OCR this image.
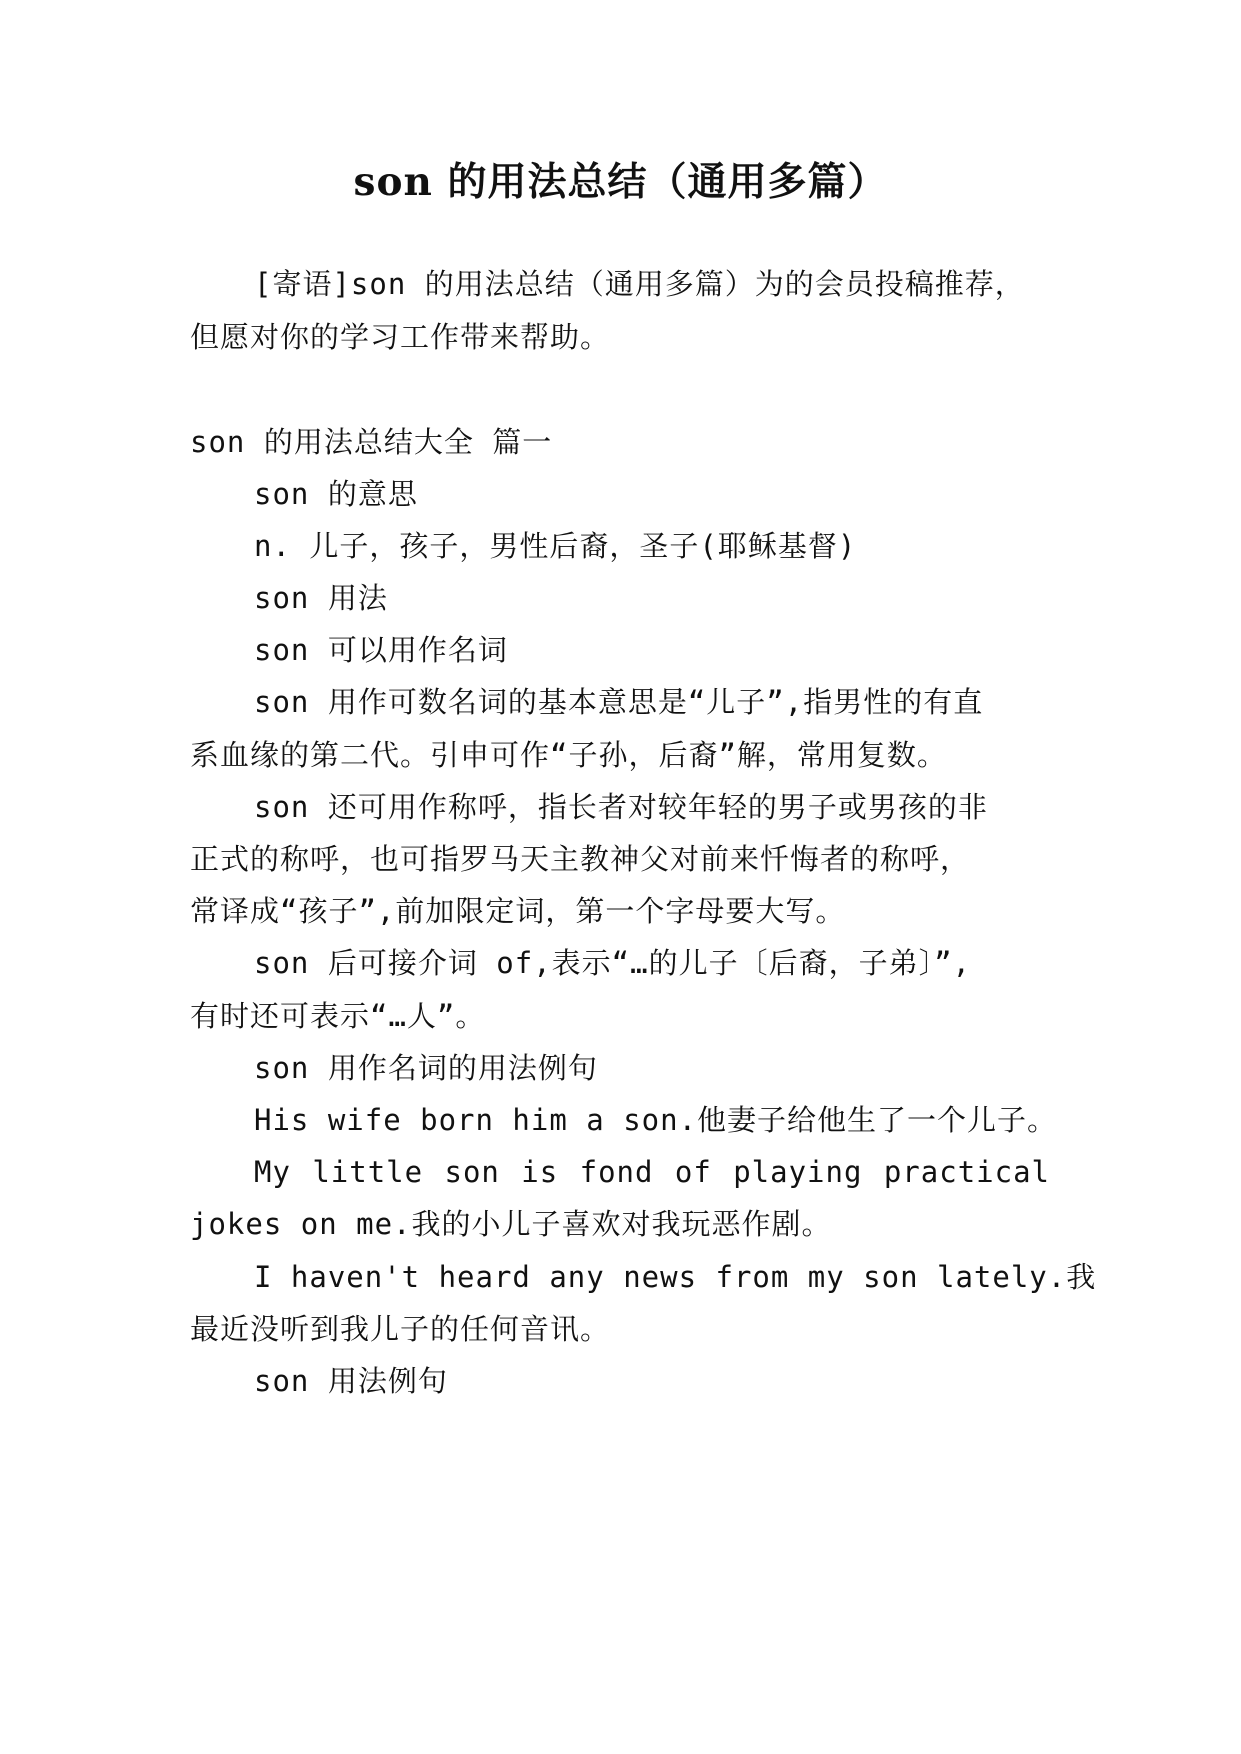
son 的用法总结（通用多篇）
[寄语]son 的用法总结（通用多篇）为的会员投稿推荐，
但愿对你的学习工作带来帮助。
son 的用法总结大全 篇一
son 的意思
n. 儿子，孩子，男性后裔，圣子(耶稣基督)
son 用法
son 可以用作名词
son 用作可数名词的基本意思是“儿子”,指男性的有直
系血缘的第二代。引申可作“子孙，后裔”解，常用复数。
son 还可用作称呼，指长者对较年轻的男子或男孩的非
正式的称呼，也可指罗马天主教神父对前来忏悔者的称呼，
常译成“孩子”,前加限定词，第一个字母要大写。
son 后可接介词 of,表示“…的儿子〔后裔，子弟〕”,
有时还可表示“…人”。
son 用作名词的用法例句
His wife born him a son.他妻子给他生了一个儿子。
My little son is fond of playing practical
jokes on me.我的小儿子喜欢对我玩恶作剧。
I haven't heard any news from my son lately.我
最近没听到我儿子的任何音讯。
son 用法例句
